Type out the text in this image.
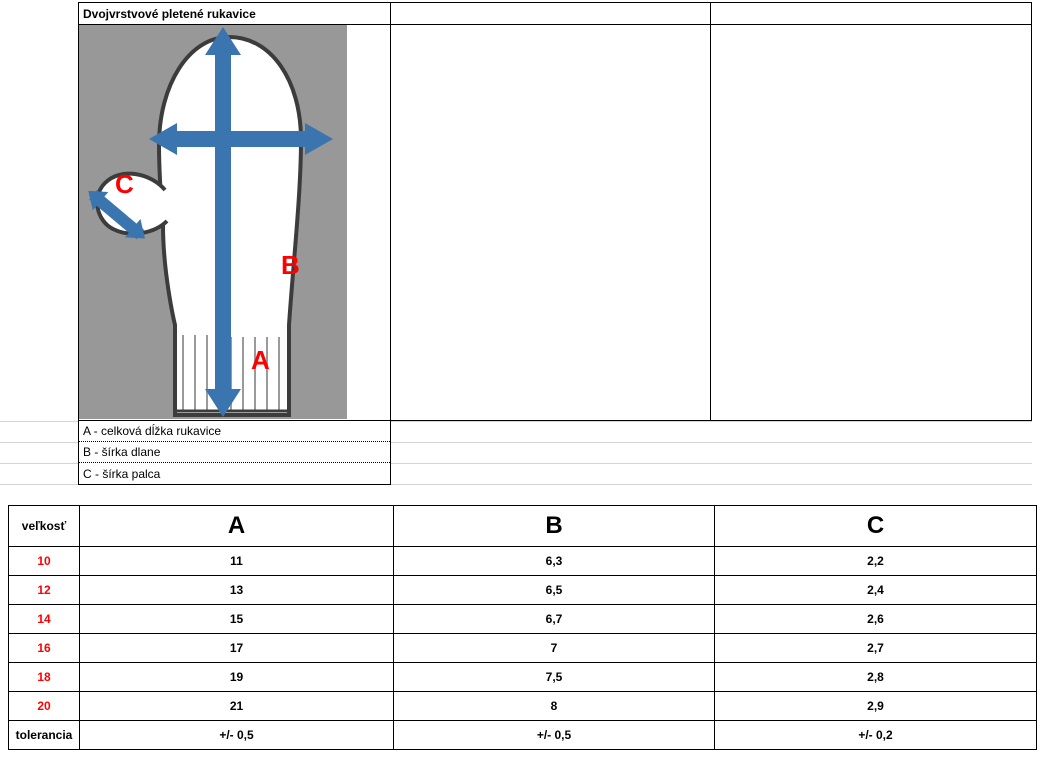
Dvojvrstvové pletené rukavice
C
B
A
A - celková dĺžka rukavice
B - šírka dlane
C - šírka palca
veľkosť	A	B	C
10	11	6,3	2,2
12	13	6,5	2,4
14	15	6,7	2,6
16	17	7	2,7
18	19	7,5	2,8
20	21	8	2,9
tolerancia	+/- 0,5	+/- 0,5	+/- 0,2
